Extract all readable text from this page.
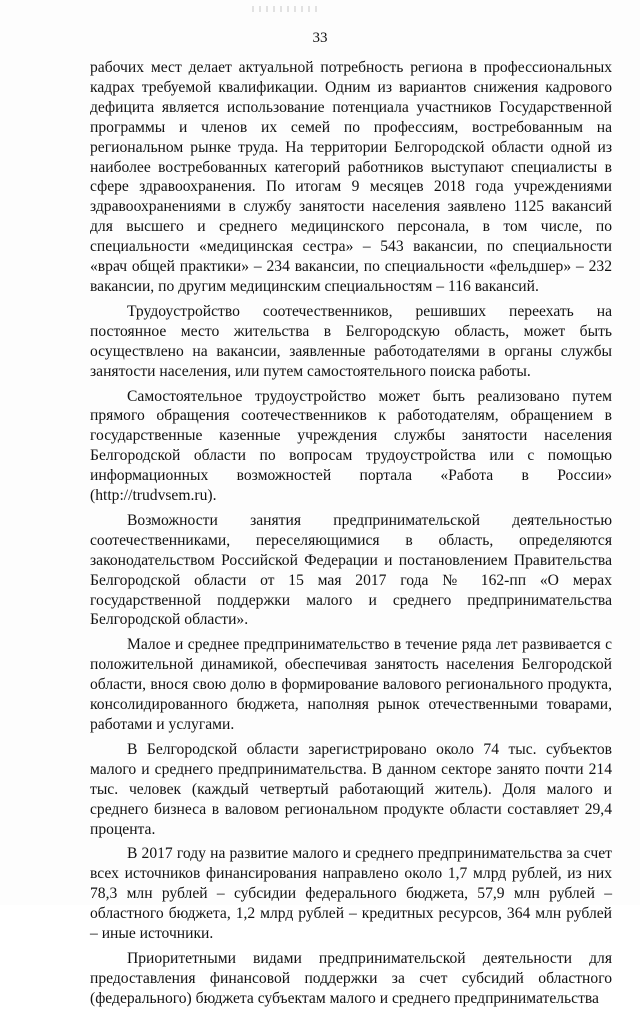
33

рабочих мест делает актуальной потребность региона в профессиональных кадрах требуемой квалификации. Одним из вариантов снижения кадрового дефицита является использование потенциала участников Государственной программы и членов их семей по профессиям, востребованным на региональном рынке труда. На территории Белгородской области одной из наиболее востребованных категорий работников выступают специалисты в сфере здравоохранения. По итогам 9 месяцев 2018 года учреждениями здравоохранениями в службу занятости населения заявлено 1125 вакансий для высшего и среднего медицинского персонала, в том числе, по специальности «медицинская сестра» – 543 вакансии, по специальности «врач общей практики» – 234 вакансии, по специальности «фельдшер» – 232 вакансии, по другим медицинским специальностям – 116 вакансий.

Трудоустройство соотечественников, решивших переехать на постоянное место жительства в Белгородскую область, может быть осуществлено на вакансии, заявленные работодателями в органы службы занятости населения, или путем самостоятельного поиска работы.

Самостоятельное трудоустройство может быть реализовано путем прямого обращения соотечественников к работодателям, обращением в государственные казенные учреждения службы занятости населения Белгородской области по вопросам трудоустройства или с помощью информационных возможностей портала «Работа в России» (http://trudvsem.ru).

Возможности занятия предпринимательской деятельностью соотечественниками, переселяющимися в область, определяются законодательством Российской Федерации и постановлением Правительства Белгородской области от 15 мая 2017 года № 162-пп «О мерах государственной поддержки малого и среднего предпринимательства Белгородской области».

Малое и среднее предпринимательство в течение ряда лет развивается с положительной динамикой, обеспечивая занятость населения Белгородской области, внося свою долю в формирование валового регионального продукта, консолидированного бюджета, наполняя рынок отечественными товарами, работами и услугами.

В Белгородской области зарегистрировано около 74 тыс. субъектов малого и среднего предпринимательства. В данном секторе занято почти 214 тыс. человек (каждый четвертый работающий житель). Доля малого и среднего бизнеса в валовом региональном продукте области составляет 29,4 процента.

В 2017 году на развитие малого и среднего предпринимательства за счет всех источников финансирования направлено около 1,7 млрд рублей, из них 78,3 млн рублей – субсидии федерального бюджета, 57,9 млн рублей – областного бюджета, 1,2 млрд рублей – кредитных ресурсов, 364 млн рублей – иные источники.

Приоритетными видами предпринимательской деятельности для предоставления финансовой поддержки за счет субсидий областного (федерального) бюджета субъектам малого и среднего предпринимательства
